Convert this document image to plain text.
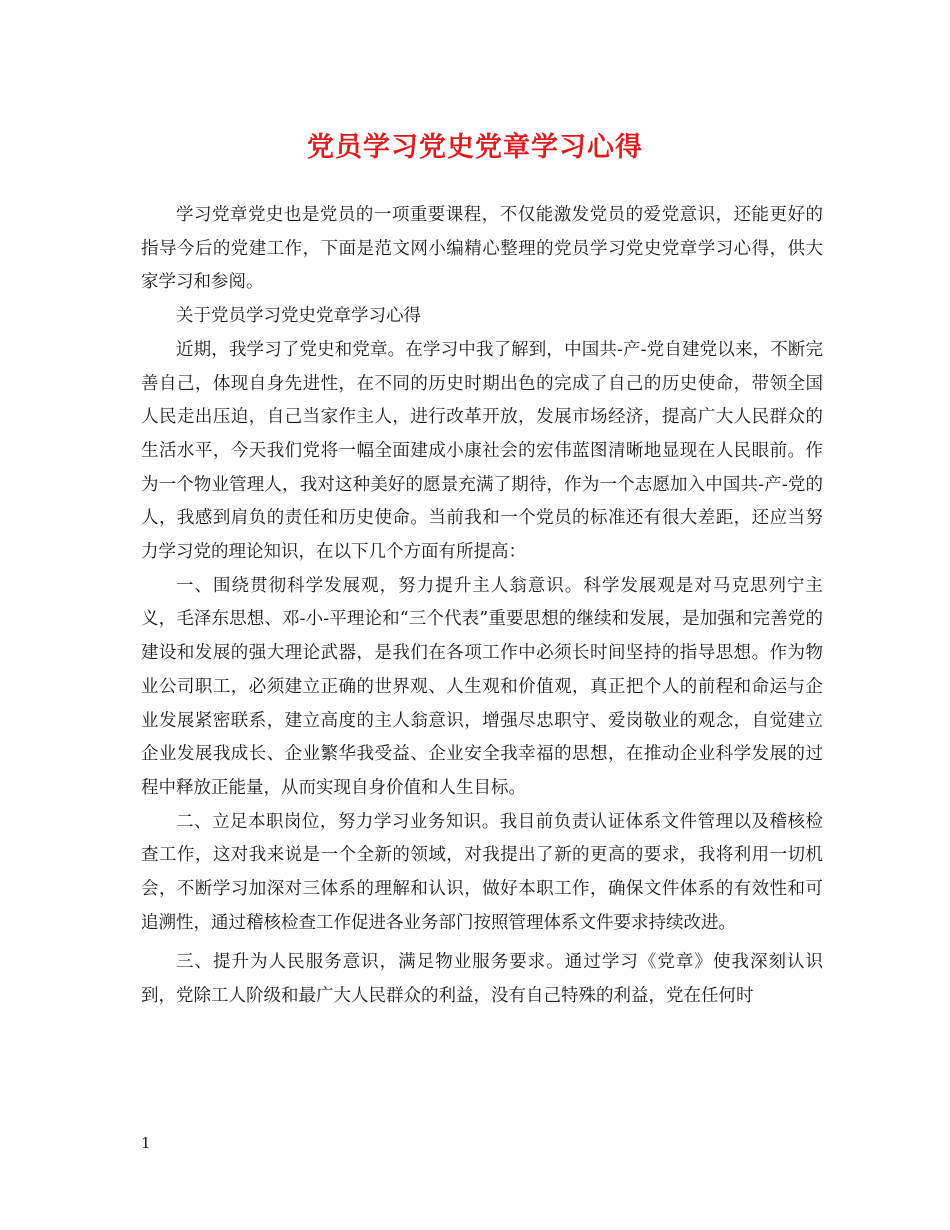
党员学习党史党章学习心得

学习党章党史也是党员的一项重要课程，不仅能激发党员的爱党意识，还能更好的指导今后的党建工作，下面是范文网小编精心整理的党员学习党史党章学习心得，供大家学习和参阅。

关于党员学习党史党章学习心得

近期，我学习了党史和党章。在学习中我了解到，中国共-产-党自建党以来，不断完善自己，体现自身先进性，在不同的历史时期出色的完成了自己的历史使命，带领全国人民走出压迫，自己当家作主人，进行改革开放，发展市场经济，提高广大人民群众的生活水平，今天我们党将一幅全面建成小康社会的宏伟蓝图清晰地显现在人民眼前。作为一个物业管理人，我对这种美好的愿景充满了期待，作为一个志愿加入中国共-产-党的人，我感到肩负的责任和历史使命。当前我和一个党员的标准还有很大差距，还应当努力学习党的理论知识，在以下几个方面有所提高：

一、围绕贯彻科学发展观，努力提升主人翁意识。科学发展观是对马克思列宁主义，毛泽东思想、邓-小-平理论和“三个代表”重要思想的继续和发展，是加强和完善党的建设和发展的强大理论武器，是我们在各项工作中必须长时间坚持的指导思想。作为物业公司职工，必须建立正确的世界观、人生观和价值观，真正把个人的前程和命运与企业发展紧密联系，建立高度的主人翁意识，增强尽忠职守、爱岗敬业的观念，自觉建立企业发展我成长、企业繁华我受益、企业安全我幸福的思想，在推动企业科学发展的过程中释放正能量，从而实现自身价值和人生目标。

二、立足本职岗位，努力学习业务知识。我目前负责认证体系文件管理以及稽核检查工作，这对我来说是一个全新的领域，对我提出了新的更高的要求，我将利用一切机会，不断学习加深对三体系的理解和认识，做好本职工作，确保文件体系的有效性和可追溯性，通过稽核检查工作促进各业务部门按照管理体系文件要求持续改进。

三、提升为人民服务意识，满足物业服务要求。通过学习《党章》使我深刻认识到，党除工人阶级和最广大人民群众的利益，没有自己特殊的利益，党在任何时

1
